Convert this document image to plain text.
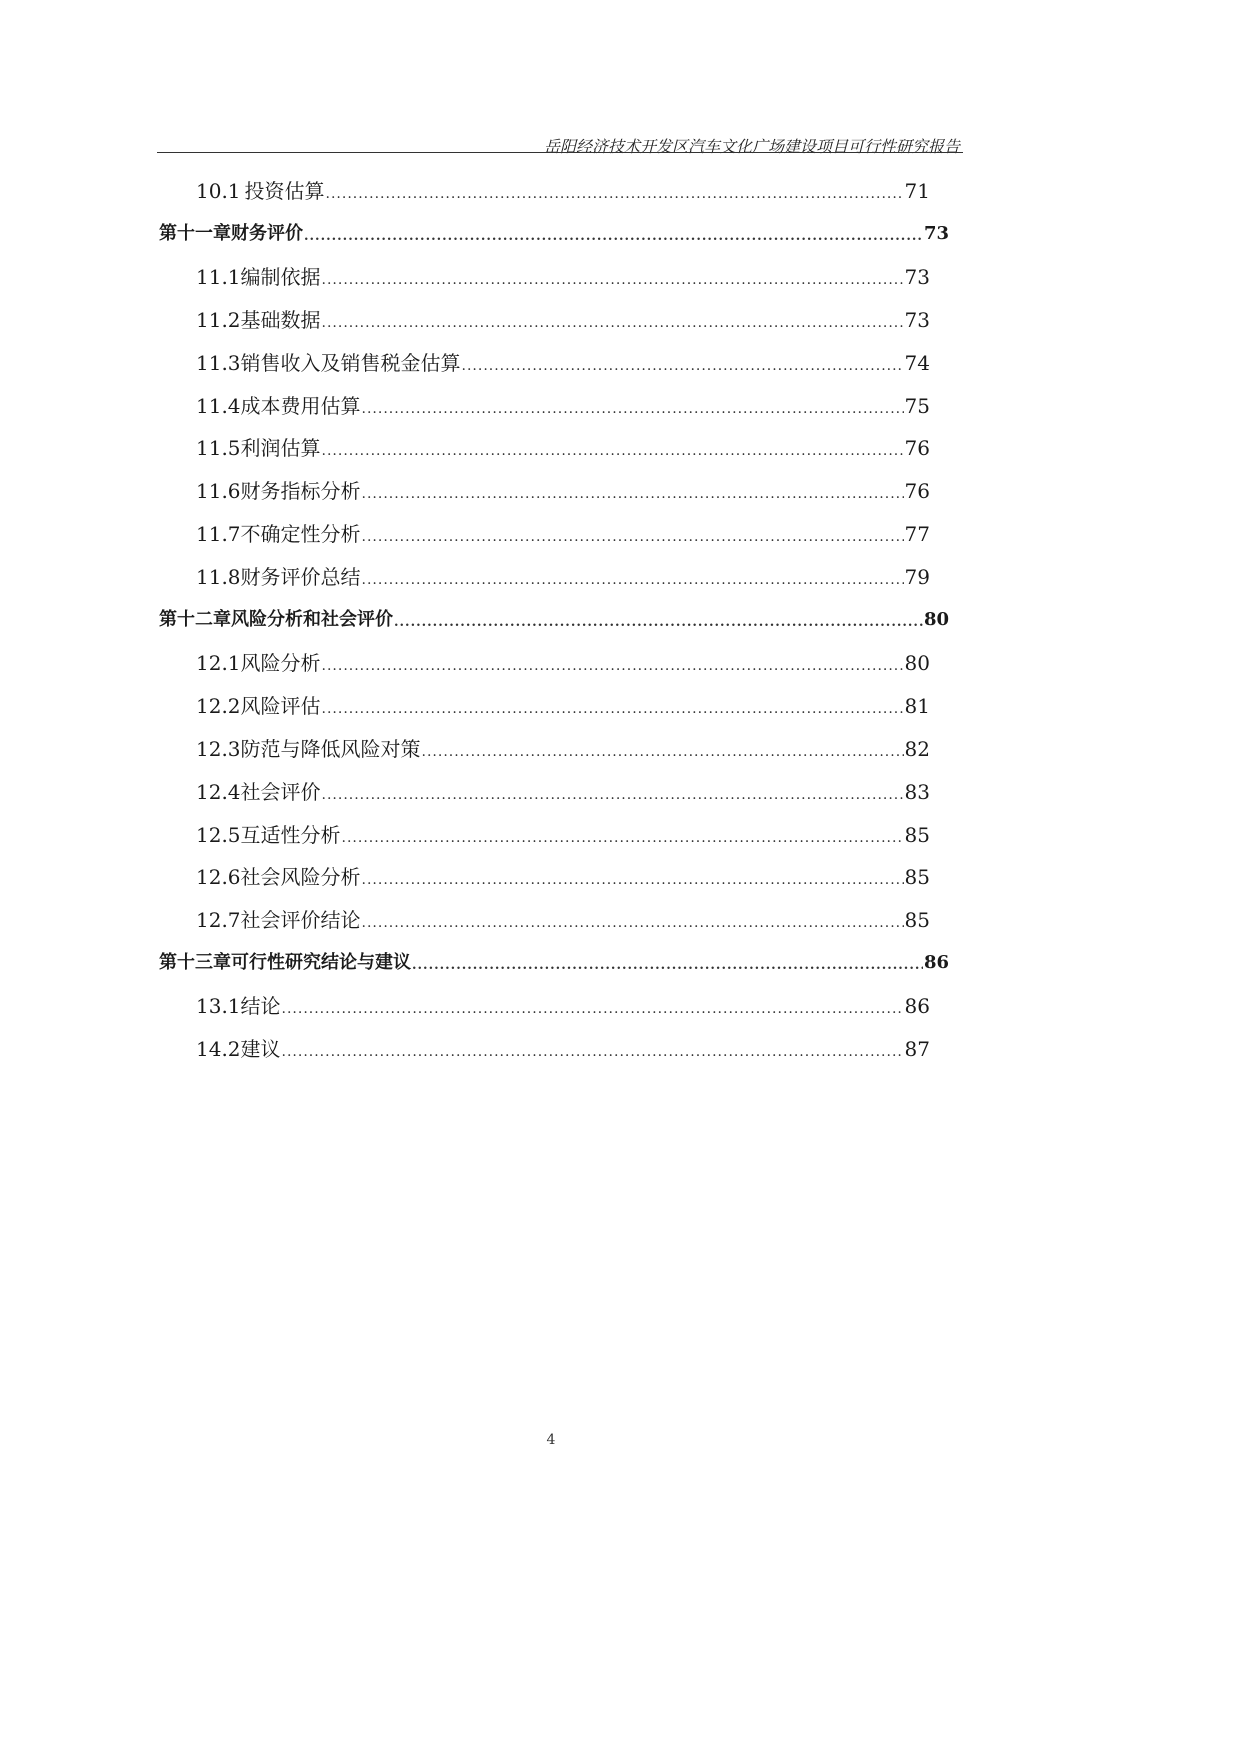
岳阳经济技术开发区汽车文化广场建设项目可行性研究报告
10.1 投资估算 .....	71
第十一章 财务评价 .....	73
11.1 编制依据 .....	73
11.2 基础数据 .....	73
11.3 销售收入及销售税金估算 .....	74
11.4 成本费用估算 .....	75
11.5 利润估算 .....	76
11.6 财务指标分析 .....	76
11.7 不确定性分析 .....	77
11.8 财务评价总结 .....	79
第十二章 风险分析和社会评价 .....	80
12.1 风险分析 .....	80
12.2 风险评估 .....	81
12.3 防范与降低风险对策 .....	82
12.4 社会评价 .....	83
12.5 互适性分析 .....	85
12.6 社会风险分析 .....	85
12.7 社会评价结论 .....	85
第十三章 可行性研究结论与建议 .....	86
13.1 结论 .....	86
14.2 建议 .....	87
4
